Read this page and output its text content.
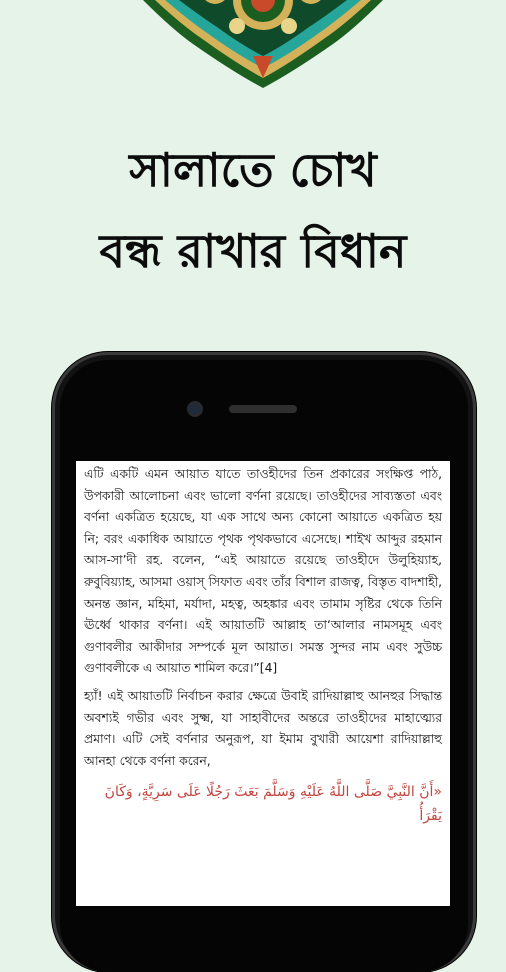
সালাতে চোখ
বন্ধ রাখার বিধান

এটি একটি এমন আয়াত যাতে তাওহীদের তিন প্রকারের সংক্ষিপ্ত পাঠ, উপকারী আলোচনা এবং ভালো বর্ণনা রয়েছে। তাওহীদের সাব্যস্ততা এবং বর্ণনা একত্রিত হয়েছে, যা এক সাথে অন্য কোনো আয়াতে একত্রিত হয় নি; বরং একাধিক আয়াতে পৃথক পৃথকভাবে এসেছে। শাইখ আব্দুর রহমান আস-সা’দী রহ. বলেন, “এই আয়াতে রয়েছে তাওহীদে উলুহিয়্যাহ, রুবুবিয়্যাহ, আসমা ওয়াস্ সিফাত এবং তাঁর বিশাল রাজত্ব, বিস্তৃত বাদশাহী, অনন্ত জ্ঞান, মহিমা, মর্যাদা, মহত্ব, অহঙ্কার এবং তামাম সৃষ্টির থেকে তিনি ঊর্ধ্বে থাকার বর্ণনা। এই আয়াতটি আল্লাহ তা‘আলার নামসমূহ এবং গুণাবলীর আকীদার সম্পর্কে মূল আয়াত। সমস্ত সুন্দর নাম এবং সুউচ্চ গুণাবলীকে এ আয়াত শামিল করে।”[4]

হ্যাঁ! এই আয়াতটি নির্বাচন করার ক্ষেত্রে উবাই রাদিয়াল্লাহু আনহুর সিদ্ধান্ত অবশ্যই গভীর এবং সুক্ষ্ম, যা সাহাবীদের অন্তরে তাওহীদের মাহাত্ম্যের প্রমাণ। এটি সেই বর্ণনার অনুরূপ, যা ইমাম বুখারী আয়েশা রাদিয়াল্লাহু আনহা থেকে বর্ণনা করেন,

«أَنَّ النَّبِيَّ صَلَّى اللَّهُ عَلَيْهِ وَسَلَّمَ بَعَثَ رَجُلًا عَلَى سَرِيَّةٍ، وَكَانَ يَقْرَأُ
